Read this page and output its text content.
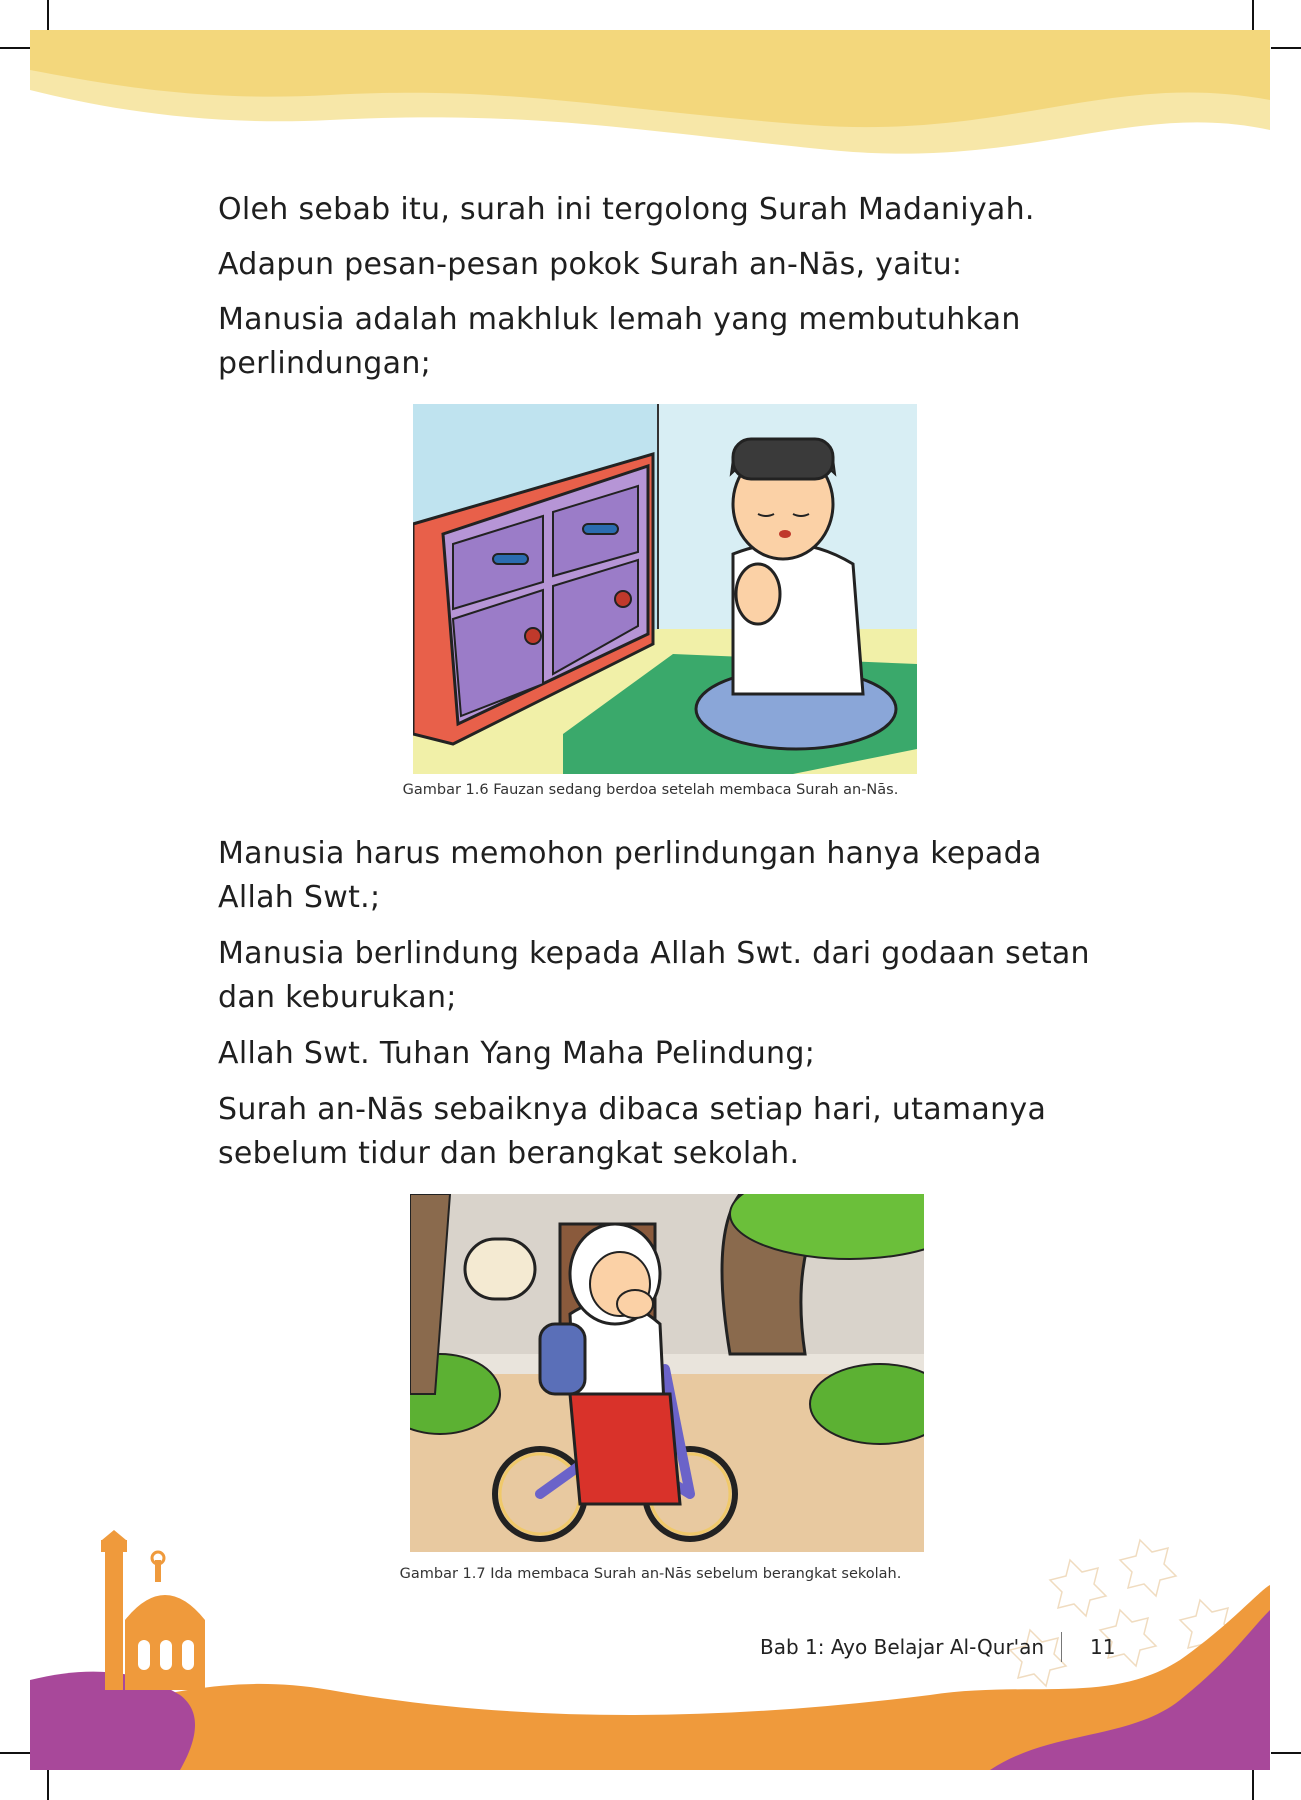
Oleh sebab itu, surah ini tergolong Surah Madaniyah.

Adapun pesan-pesan pokok Surah an-Nās, yaitu:

Manusia adalah makhluk lemah yang membutuhkan perlindungan;

Gambar 1.6 Fauzan sedang berdoa setelah membaca Surah an-Nās.

Manusia harus memohon perlindungan hanya kepada Allah Swt.;

Manusia berlindung kepada Allah Swt. dari godaan setan dan keburukan;

Allah Swt. Tuhan Yang Maha Pelindung;

Surah an-Nās sebaiknya dibaca setiap hari, utamanya sebelum tidur dan berangkat sekolah.

Gambar 1.7 Ida membaca Surah an-Nās sebelum berangkat sekolah.
Bab 1: Ayo Belajar Al-Qur'an 11
